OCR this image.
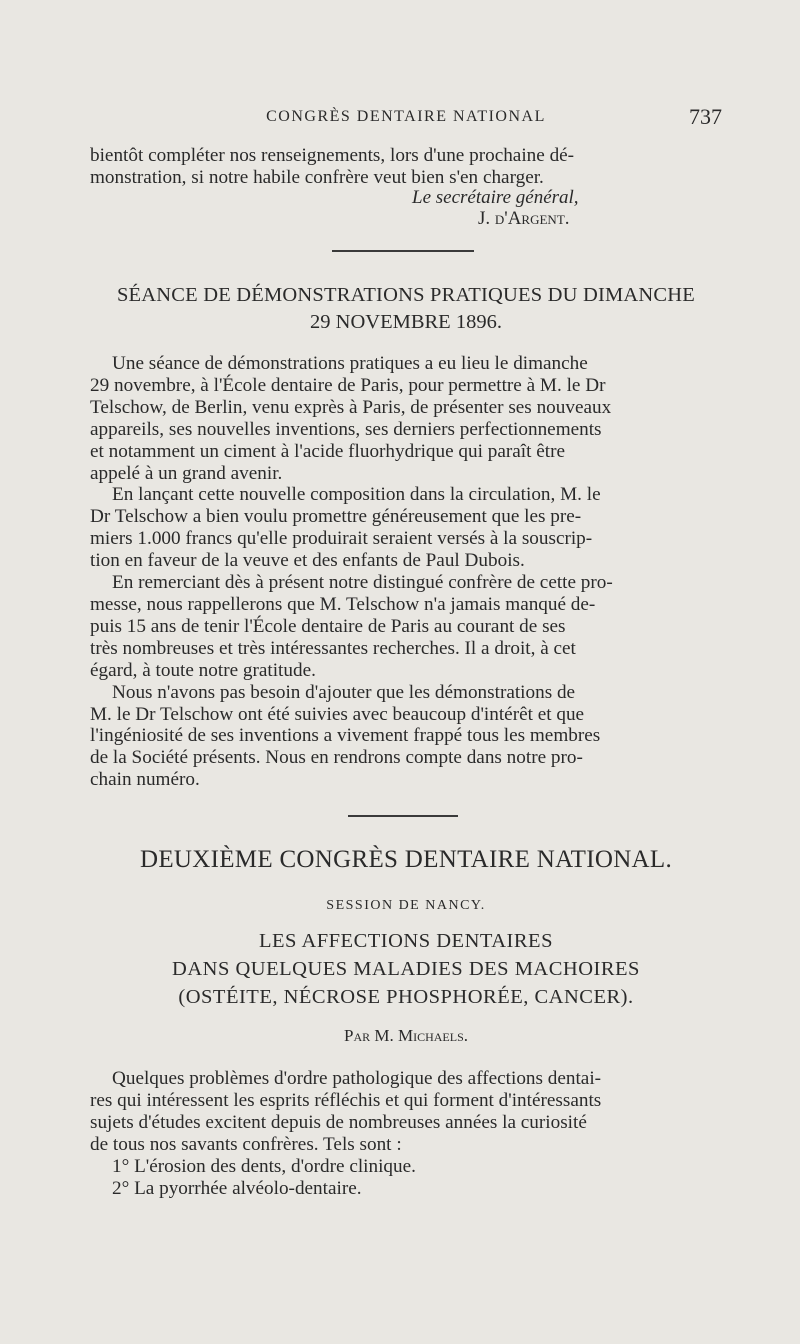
CONGRÈS DENTAIRE NATIONAL	737

bientôt compléter nos renseignements, lors d'une prochaine dé-

monstration, si notre habile confrère veut bien s'en charger.

Le secrétaire général,
J. d'Argent.
SÉANCE DE DÉMONSTRATIONS PRATIQUES DU DIMANCHE
29 NOVEMBRE 1896.

Une séance de démonstrations pratiques a eu lieu le dimanche

29 novembre, à l'École dentaire de Paris, pour permettre à M. le Dr

Telschow, de Berlin, venu exprès à Paris, de présenter ses nouveaux

appareils, ses nouvelles inventions, ses derniers perfectionnements

et notamment un ciment à l'acide fluorhydrique qui paraît être

appelé à un grand avenir.

En lançant cette nouvelle composition dans la circulation, M. le

Dr Telschow a bien voulu promettre généreusement que les pre-

miers 1.000 francs qu'elle produirait seraient versés à la souscrip-

tion en faveur de la veuve et des enfants de Paul Dubois.

En remerciant dès à présent notre distingué confrère de cette pro-

messe, nous rappellerons que M. Telschow n'a jamais manqué de-

puis 15 ans de tenir l'École dentaire de Paris au courant de ses

très nombreuses et très intéressantes recherches. Il a droit, à cet

égard, à toute notre gratitude.

Nous n'avons pas besoin d'ajouter que les démonstrations de

M. le Dr Telschow ont été suivies avec beaucoup d'intérêt et que

l'ingéniosité de ses inventions a vivement frappé tous les membres

de la Société présents. Nous en rendrons compte dans notre pro-

chain numéro.

DEUXIÈME CONGRÈS DENTAIRE NATIONAL.
SESSION DE NANCY.
LES AFFECTIONS DENTAIRES
DANS QUELQUES MALADIES DES MACHOIRES
(OSTÉITE, NÉCROSE PHOSPHORÉE, CANCER).
Par M. Michaels.

Quelques problèmes d'ordre pathologique des affections dentai-

res qui intéressent les esprits réfléchis et qui forment d'intéressants

sujets d'études excitent depuis de nombreuses années la curiosité

de tous nos savants confrères. Tels sont :

1° L'érosion des dents, d'ordre clinique.

2° La pyorrhée alvéolo-dentaire.
